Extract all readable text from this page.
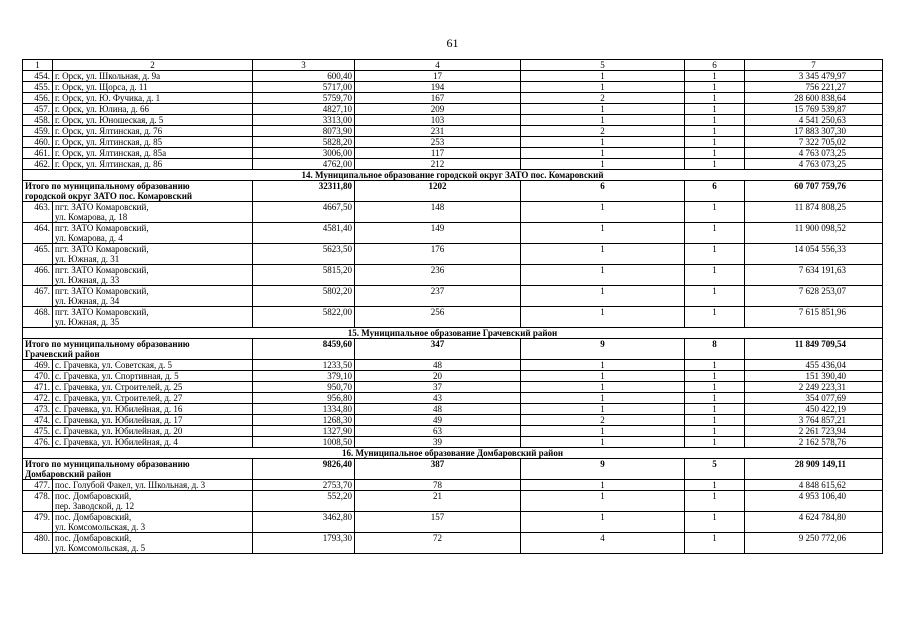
61
1	2	3	4	5	6	7
454.	г. Орск, ул. Школьная, д. 9а	600,40	17	1	1	3 345 479,97
455.	г. Орск, ул. Щорса, д. 11	5717,00	194	1	1	756 221,27
456.	г. Орск, ул. Ю. Фучика, д. 1	5759,70	167	2	1	28 600 838,64
457.	г. Орск, ул. Юлина, д. 66	4827,10	209	1	1	15 769 539,87
458.	г. Орск, ул. Юношеская, д. 5	3313,00	103	1	1	4 541 250,63
459.	г. Орск, ул. Ялтинская, д. 76	8073,90	231	2	1	17 883 307,30
460.	г. Орск, ул. Ялтинская, д. 85	5828,20	253	1	1	7 322 705,02
461.	г. Орск, ул. Ялтинская, д. 85а	3006,00	117	1	1	4 763 073,25
462.	г. Орск, ул. Ялтинская, д. 86	4762,00	212	1	1	4 763 073,25
14. Муниципальное образование городской округ ЗАТО пос. Комаровский						
Итого по муниципальному образованию
городской округ ЗАТО пос. Комаровский		32311,80	1202	6	6	60 707 759,76
463.	пгт. ЗАТО Комаровский,
ул. Комарова, д. 18	4667,50	148	1	1	11 874 808,25
464.	пгт. ЗАТО Комаровский,
ул. Комарова, д. 4	4581,40	149	1	1	11 900 098,52
465.	пгт. ЗАТО Комаровский,
ул. Южная, д. 31	5623,50	176	1	1	14 054 556,33
466.	пгт. ЗАТО Комаровский,
ул. Южная, д. 33	5815,20	236	1	1	7 634 191,63
467.	пгт. ЗАТО Комаровский,
ул. Южная, д. 34	5802,20	237	1	1	7 628 253,07
468.	пгт. ЗАТО Комаровский,
ул. Южная, д. 35	5822,00	256	1	1	7 615 851,96
15. Муниципальное образование Грачевский район						
Итого по муниципальному образованию
Грачевский район		8459,60	347	9	8	11 849 709,54
469.	с. Грачевка, ул. Советская, д. 5	1233,50	48	1	1	455 436,04
470.	с. Грачевка, ул. Спортивная, д. 5	379,10	20	1	1	151 390,40
471.	с. Грачевка, ул. Строителей, д. 25	950,70	37	1	1	2 249 223,31
472.	с. Грачевка, ул. Строителей, д. 27	956,80	43	1	1	354 077,69
473.	с. Грачевка, ул. Юбилейная, д. 16	1334,80	48	1	1	450 422,19
474.	с. Грачевка, ул. Юбилейная, д. 17	1268,30	49	2	1	3 764 857,21
475.	с. Грачевка, ул. Юбилейная, д. 20	1327,90	63	1	1	2 261 723,94
476.	с. Грачевка, ул. Юбилейная, д. 4	1008,50	39	1	1	2 162 578,76
16. Муниципальное образование Домбаровский район						
Итого по муниципальному образованию
Домбаровский район		9826,40	387	9	5	28 909 149,11
477.	пос. Голубой Факел, ул. Школьная, д. 3	2753,70	78	1	1	4 848 615,62
478.	пос. Домбаровский,
пер. Заводской, д. 12	552,20	21	1	1	4 953 106,40
479.	пос. Домбаровский,
ул. Комсомольская, д. 3	3462,80	157	1	1	4 624 784,80
480.	пос. Домбаровский,
ул. Комсомольская, д. 5	1793,30	72	4	1	9 250 772,06
